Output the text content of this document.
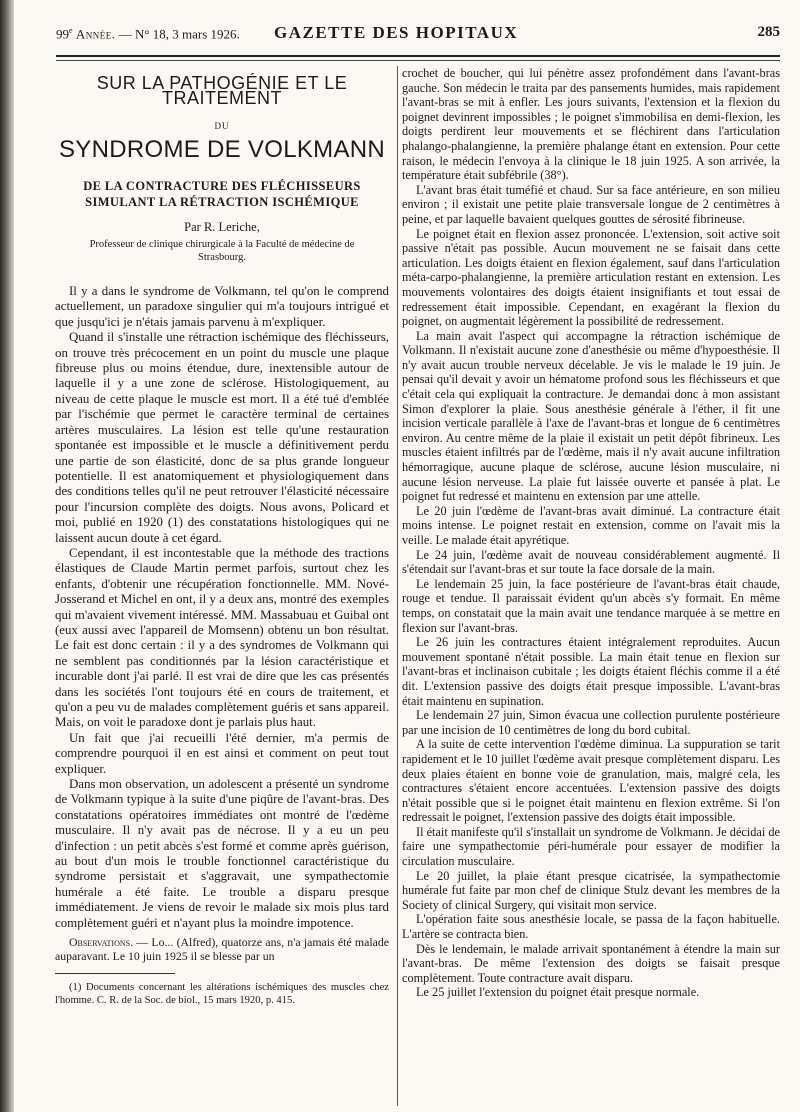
99e Année. — N° 18, 3 mars 1926. GAZETTE DES HOPITAUX	285
SUR LA PATHOGÉNIE ET LE TRAITEMENT
DU
SYNDROME DE VOLKMANN
DE LA CONTRACTURE DES FLÉCHISSEURS SIMULANT LA RÉTRACTION ISCHÉMIQUE
Par R. Leriche,
Professeur de clinique chirurgicale à la Faculté de médecine de Strasbourg.

Il y a dans le syndrome de Volkmann, tel qu'on le comprend actuellement, un paradoxe singulier qui m'a toujours intrigué et que jusqu'ici je n'étais jamais parvenu à m'expliquer.

Quand il s'installe une rétraction ischémique des fléchisseurs, on trouve très précocement en un point du muscle une plaque fibreuse plus ou moins étendue, dure, inextensible autour de laquelle il y a une zone de sclérose. Histologiquement, au niveau de cette plaque le muscle est mort. Il a été tué d'emblée par l'ischémie que permet le caractère terminal de certaines artères musculaires. La lésion est telle qu'une restauration spontanée est impossible et le muscle a définitivement perdu une partie de son élasticité, donc de sa plus grande longueur potentielle. Il est anatomiquement et physiologiquement dans des conditions telles qu'il ne peut retrouver l'élasticité nécessaire pour l'incursion complète des doigts. Nous avons, Policard et moi, publié en 1920 (1) des constatations histologiques qui ne laissent aucun doute à cet égard.

Cependant, il est incontestable que la méthode des tractions élastiques de Claude Martin permet parfois, surtout chez les enfants, d'obtenir une récupération fonctionnelle. MM. Nové-Josserand et Michel en ont, il y a deux ans, montré des exemples qui m'avaient vivement intéressé. MM. Massabuau et Guibal ont (eux aussi avec l'appareil de Momsenn) obtenu un bon résultat. Le fait est donc certain : il y a des syndromes de Volkmann qui ne semblent pas conditionnés par la lésion caractéristique et incurable dont j'ai parlé. Il est vrai de dire que les cas présentés dans les sociétés l'ont toujours été en cours de traitement, et qu'on a peu vu de malades complètement guéris et sans appareil. Mais, on voit le paradoxe dont je parlais plus haut.

Un fait que j'ai recueilli l'été dernier, m'a permis de comprendre pourquoi il en est ainsi et comment on peut tout expliquer.

Dans mon observation, un adolescent a présenté un syndrome de Volkmann typique à la suite d'une piqûre de l'avant-bras. Des constatations opératoires immédiates ont montré de l'œdème musculaire. Il n'y avait pas de nécrose. Il y a eu un peu d'infection : un petit abcès s'est formé et comme après guérison, au bout d'un mois le trouble fonctionnel caractéristique du syndrome persistait et s'aggravait, une sympathectomie humérale a été faite. Le trouble a disparu presque immédiatement. Je viens de revoir le malade six mois plus tard complètement guéri et n'ayant plus la moindre impotence.

Observations. — Lo... (Alfred), quatorze ans, n'a jamais été malade auparavant. Le 10 juin 1925 il se blesse par un

(1) Documents concernant les altérations ischémiques des muscles chez l'homme. C. R. de la Soc. de biol., 15 mars 1920, p. 415.

crochet de boucher, qui lui pénètre assez profondément dans l'avant-bras gauche. Son médecin le traita par des pansements humides, mais rapidement l'avant-bras se mit à enfler. Les jours suivants, l'extension et la flexion du poignet devinrent impossibles ; le poignet s'immobilisa en demi-flexion, les doigts perdirent leur mouvements et se fléchirent dans l'articulation phalango-phalangienne, la première phalange étant en extension. Pour cette raison, le médecin l'envoya à la clinique le 18 juin 1925. A son arrivée, la température était subfébrile (38°).

L'avant bras était tuméfié et chaud. Sur sa face antérieure, en son milieu environ ; il existait une petite plaie transversale longue de 2 centimètres à peine, et par laquelle bavaient quelques gouttes de sérosité fibrineuse.

Le poignet était en flexion assez prononcée. L'extension, soit active soit passive n'était pas possible. Aucun mouvement ne se faisait dans cette articulation. Les doigts étaient en flexion également, sauf dans l'articulation méta-carpo-phalangienne, la première articulation restant en extension. Les mouvements volontaires des doigts étaient insignifiants et tout essai de redressement était impossible. Cependant, en exagérant la flexion du poignet, on augmentait légèrement la possibilité de redressement.

La main avait l'aspect qui accompagne la rétraction ischémique de Volkmann. Il n'existait aucune zone d'anesthésie ou même d'hypoesthésie. Il n'y avait aucun trouble nerveux décelable. Je vis le malade le 19 juin. Je pensai qu'il devait y avoir un hématome profond sous les fléchisseurs et que c'était cela qui expliquait la contracture. Je demandai donc à mon assistant Simon d'explorer la plaie. Sous anesthésie générale à l'éther, il fit une incision verticale parallèle à l'axe de l'avant-bras et longue de 6 centimètres environ. Au centre même de la plaie il existait un petit dépôt fibrineux. Les muscles étaient infiltrés par de l'œdème, mais il n'y avait aucune infiltration hémorragique, aucune plaque de sclérose, aucune lésion musculaire, ni aucune lésion nerveuse. La plaie fut laissée ouverte et pansée à plat. Le poignet fut redressé et maintenu en extension par une attelle.

Le 20 juin l'œdème de l'avant-bras avait diminué. La contracture était moins intense. Le poignet restait en extension, comme on l'avait mis la veille. Le malade était apyrétique.

Le 24 juin, l'œdème avait de nouveau considérablement augmenté. Il s'étendait sur l'avant-bras et sur toute la face dorsale de la main.

Le lendemain 25 juin, la face postérieure de l'avant-bras était chaude, rouge et tendue. Il paraissait évident qu'un abcès s'y formait. En même temps, on constatait que la main avait une tendance marquée à se mettre en flexion sur l'avant-bras.

Le 26 juin les contractures étaient intégralement reproduites. Aucun mouvement spontané n'était possible. La main était tenue en flexion sur l'avant-bras et inclinaison cubitale ; les doigts étaient fléchis comme il a été dit. L'extension passive des doigts était presque impossible. L'avant-bras était maintenu en supination.

Le lendemain 27 juin, Simon évacua une collection purulente postérieure par une incision de 10 centimètres de long du bord cubital.

A la suite de cette intervention l'œdème diminua. La suppuration se tarit rapidement et le 10 juillet l'œdème avait presque complètement disparu. Les deux plaies étaient en bonne voie de granulation, mais, malgré cela, les contractures s'étaient encore accentuées. L'extension passive des doigts n'était possible que si le poignet était maintenu en flexion extrême. Si l'on redressait le poignet, l'extension passive des doigts était impossible.

Il était manifeste qu'il s'installait un syndrome de Volkmann. Je décidai de faire une sympathectomie péri-humérale pour essayer de modifier la circulation musculaire.

Le 20 juillet, la plaie étant presque cicatrisée, la sympathectomie humérale fut faite par mon chef de clinique Stulz devant les membres de la Society of clinical Surgery, qui visitait mon service.

L'opération faite sous anesthésie locale, se passa de la façon habituelle. L'artère se contracta bien.

Dès le lendemain, le malade arrivait spontanément à étendre la main sur l'avant-bras. De même l'extension des doigts se faisait presque complètement. Toute contracture avait disparu.

Le 25 juillet l'extension du poignet était presque normale.
